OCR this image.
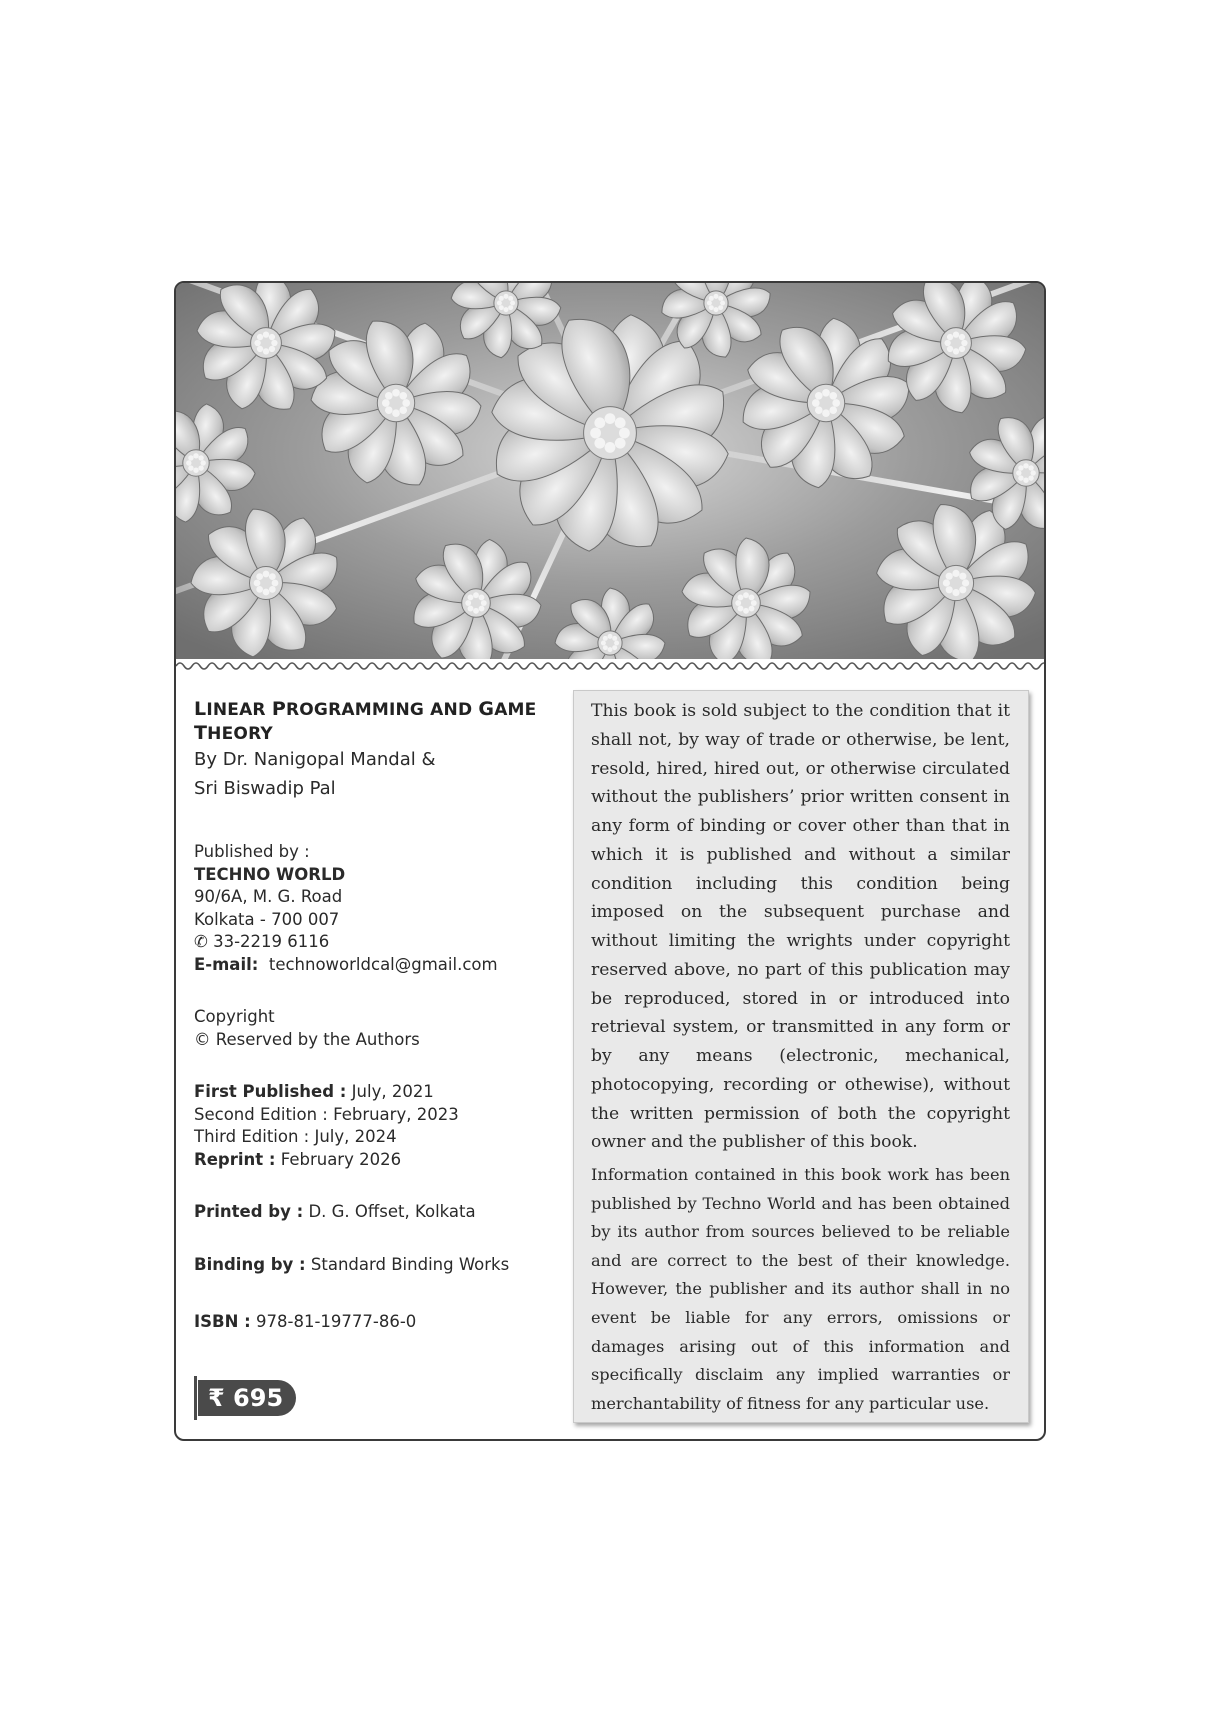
LINEAR PROGRAMMING AND GAME THEORY
By Dr. Nanigopal Mandal &
Sri Biswadip Pal
Published by :
TECHNO WORLD
90/6A, M. G. Road
Kolkata - 700 007
✆ 33-2219 6116
E-mail: technoworldcal@gmail.com
Copyright
© Reserved by the Authors
First Published : July, 2021
Second Edition : February, 2023
Third Edition : July, 2024
Reprint : February 2026
Printed by : D. G. Offset, Kolkata
Binding by : Standard Binding Works
ISBN : 978-81-19777-86-0
₹ 695

This book is sold subject to the condition that it shall not, by way of trade or otherwise, be lent, resold, hired, hired out, or otherwise circulated without the publishers’ prior written consent in any form of binding or cover other than that in which it is published and without a similar condition including this condition being imposed on the subsequent purchase and without limiting the wrights under copyright reserved above, no part of this publication may be reproduced, stored in or introduced into retrieval system, or transmitted in any form or by any means (electronic, mechanical, photocopying, recording or othewise), without the written permission of both the copyright owner and the publisher of this book.

Information contained in this book work has been published by Techno World and has been obtained by its author from sources believed to be reliable and are correct to the best of their knowledge. However, the publisher and its author shall in no event be liable for any errors, omissions or damages arising out of this information and specifically disclaim any implied warranties or merchantability of fitness for any particular use.
